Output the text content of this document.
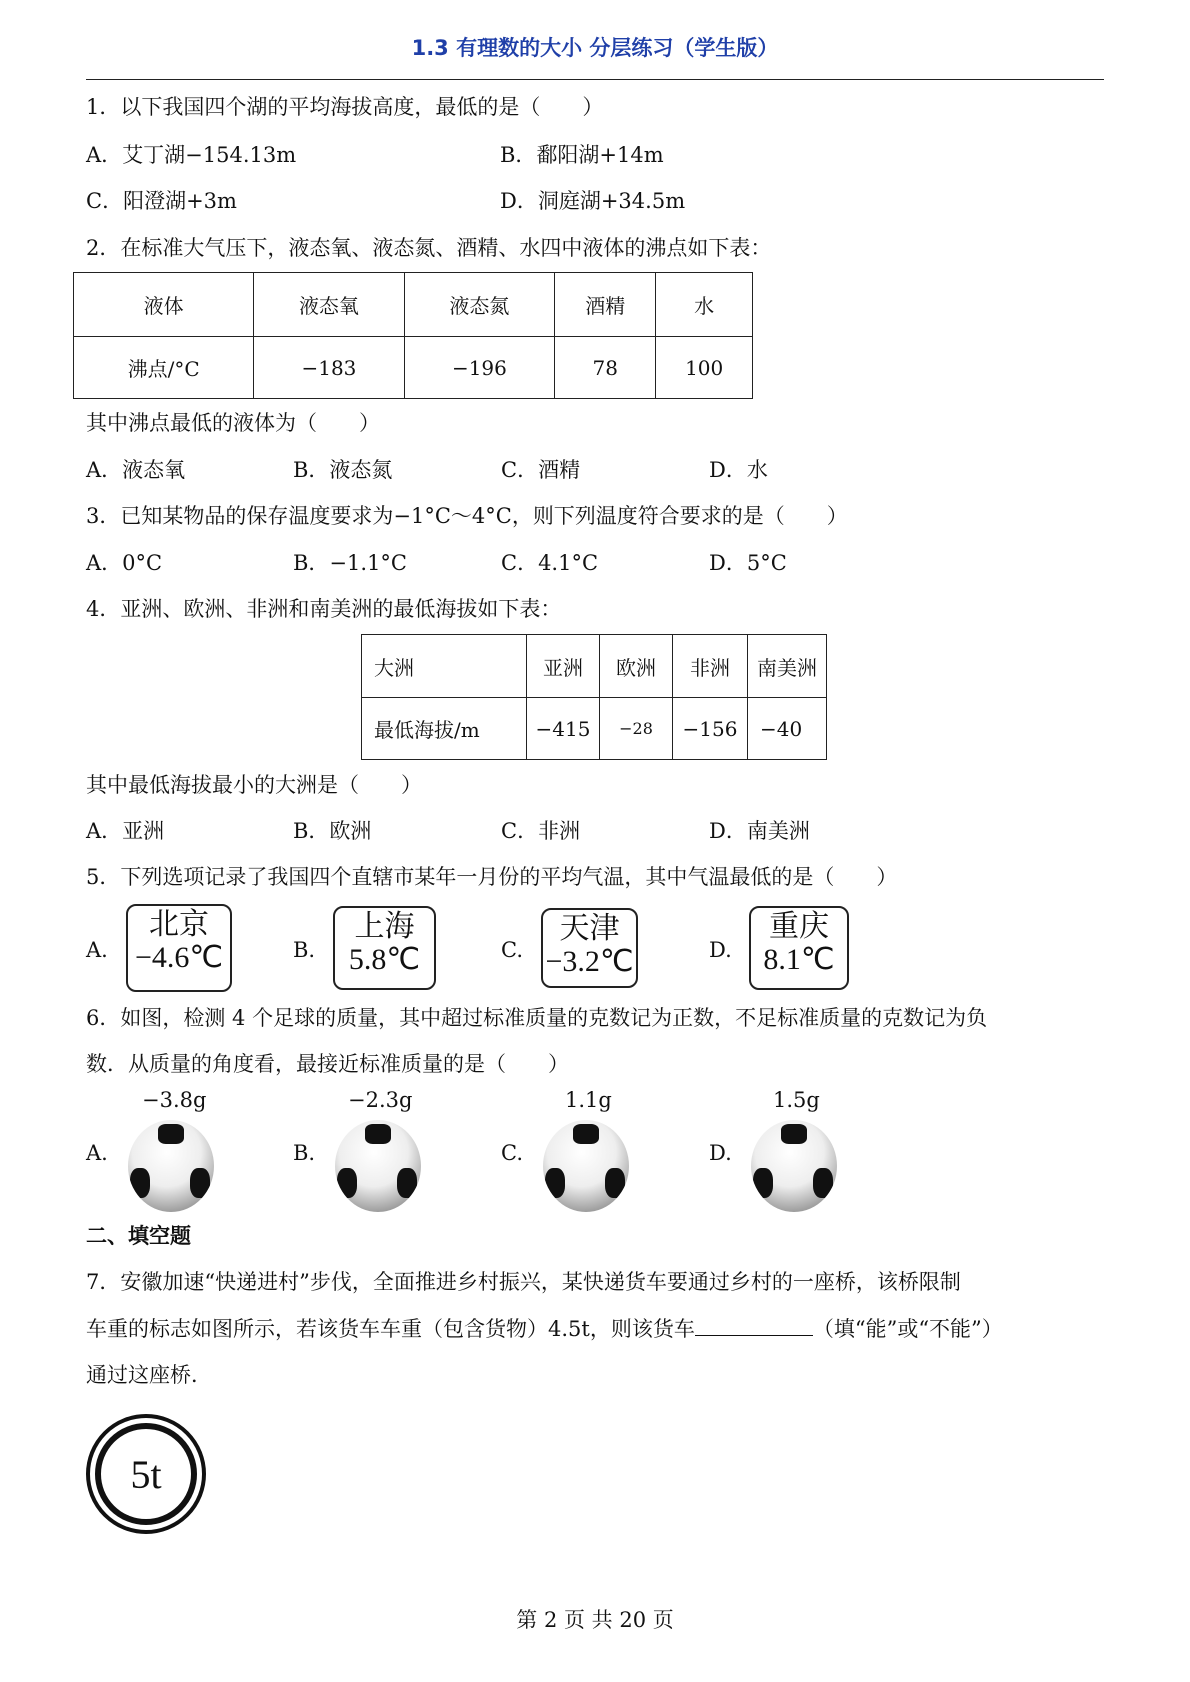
1.3 有理数的大小 分层练习（学生版）
1．以下我国四个湖的平均海拔高度，最低的是（　　）
A．艾丁湖−154.13m	B．鄱阳湖+14m
C．阳澄湖+3m	D．洞庭湖+34.5m
2．在标准大气压下，液态氧、液态氮、酒精、水四中液体的沸点如下表：
液体	液态氧	液态氮	酒精	水
沸点/°C	−183	−196	78	100
其中沸点最低的液体为（　　）
A．液态氧	B．液态氮	C．酒精	D．水
3．已知某物品的保存温度要求为−1°C～4°C，则下列温度符合要求的是（　　）
A．0°C	B．−1.1°C	C．4.1°C	D．5°C
4．亚洲、欧洲、非洲和南美洲的最低海拔如下表：
大洲	亚洲	欧洲	非洲	南美洲
最低海拔/m	−415	−28	−156	−40
其中最低海拔最小的大洲是（　　）
A．亚洲	B．欧洲	C．非洲	D．南美洲
5．下列选项记录了我国四个直辖市某年一月份的平均气温，其中气温最低的是（　　）
A.
北京
−4.6℃	B.
上海
5.8℃	C.
天津
−3.2℃	D.
重庆
8.1℃
6．如图，检测 4 个足球的质量，其中超过标准质量的克数记为正数，不足标准质量的克数记为负
数．从质量的角度看，最接近标准质量的是（　　）
−3.8g	−2.3g	1.1g	1.5g
A.	B.	C.	D.
二、填空题
7．安徽加速“快递进村”步伐，全面推进乡村振兴，某快递货车要通过乡村的一座桥，该桥限制
车重的标志如图所示，若该货车车重（包含货物）4.5t，则该货车	（填“能”或“不能”）
通过这座桥．
5t
第 2 页 共 20 页
